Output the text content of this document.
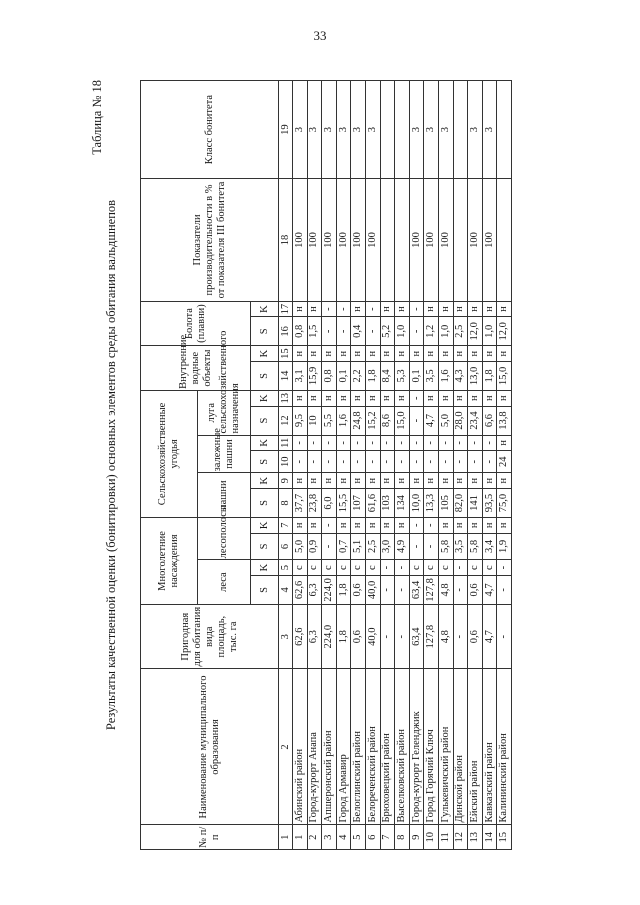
33
Таблица № 18
Результаты качественной оценки (бонитировки) основных элементов среды обитания вальдшнепов
№ п/п	Наименование муниципального образования	Пригодная для обитания вида площадь, тыс. га	Многолетние насаждения				Сельскохозяйственные угодья						Внутренние водные объекты		Болота (плавни)		Показатели производительности в % от показателя III бонитета	Класс бонитета
			леса		лесополосы		пашни		залежные пашни		луга сельскохозяйственного назначения							
			S	K	S	K	S	K	S	K	S	K	S	K	S	K		
1	2	3	4	5	6	7	8	9	10	11	12	13	14	15	16	17	18	19
1	Абинский район	62,6	62,6	с	5,0	н	37,7	н	-	-	9,5	н	3,1	н	0,8	н	100	3
2	Город-курорт Анапа	6,3	6,3	с	0,9	н	23,8	н	-	-	10	н	15,9	н	1,5	н	100	3
3	Апшеронский район	224,0	224,0	с	-	-	6,0	н	-	-	5,5	н	0,8	н	-	-	100	3
4	Город Армавир	1,8	1,8	с	0,7	н	15,5	н	-	-	1,6	н	0,1	н	-	-	100	3
5	Белоглинский район	0,6	0,6	с	5,1	н	107	н	-	-	24,8	н	2,2	н	0,4	н	100	3
6	Белореченский район	40,0	40,0	с	2,5	н	61,6	н	-	-	15,2	н	1,8	н	-	-	100	3
7	Брюховецкий район	-	-	-	3,0	н	103	н	-	-	8,6	н	8,4	н	5,2	н		
8	Выселковский район	-	-	-	4,9	н	134	н	-	-	15,0	н	5,3	н	1,0	н		
9	Город-курорт Геленджик	63,4	63,4	с	-	-	10,0	н	-	-	-	-	0,1	н	-	-	100	3
10	Город Горячий Ключ	127,8	127,8	с	-	-	13,3	н	-	-	4,7	н	3,5	н	1,2	н	100	3
11	Гулькевичский район	4,8	4,8	с	5,8	н	105	н	-	-	5,0	н	1,6	н	1,0	н	100	3
12	Динской район	-	-	-	3,5	н	82,0	н	-	-	28,0	н	4,3	н	2,5	н		
13	Ейский район	0,6	0,6	с	5,8	н	141	н	-	-	23,4	н	13,0	н	12,0	н	100	3
14	Кавказский район	4,7	4,7	с	3,4	н	93,5	н	-	-	6,6	н	1,8	н	1,0	н	100	3
15	Калининский район	-	-	-	1,9	н	75,0	н	24	н	13,8	н	15,0	н	12,0	н		
